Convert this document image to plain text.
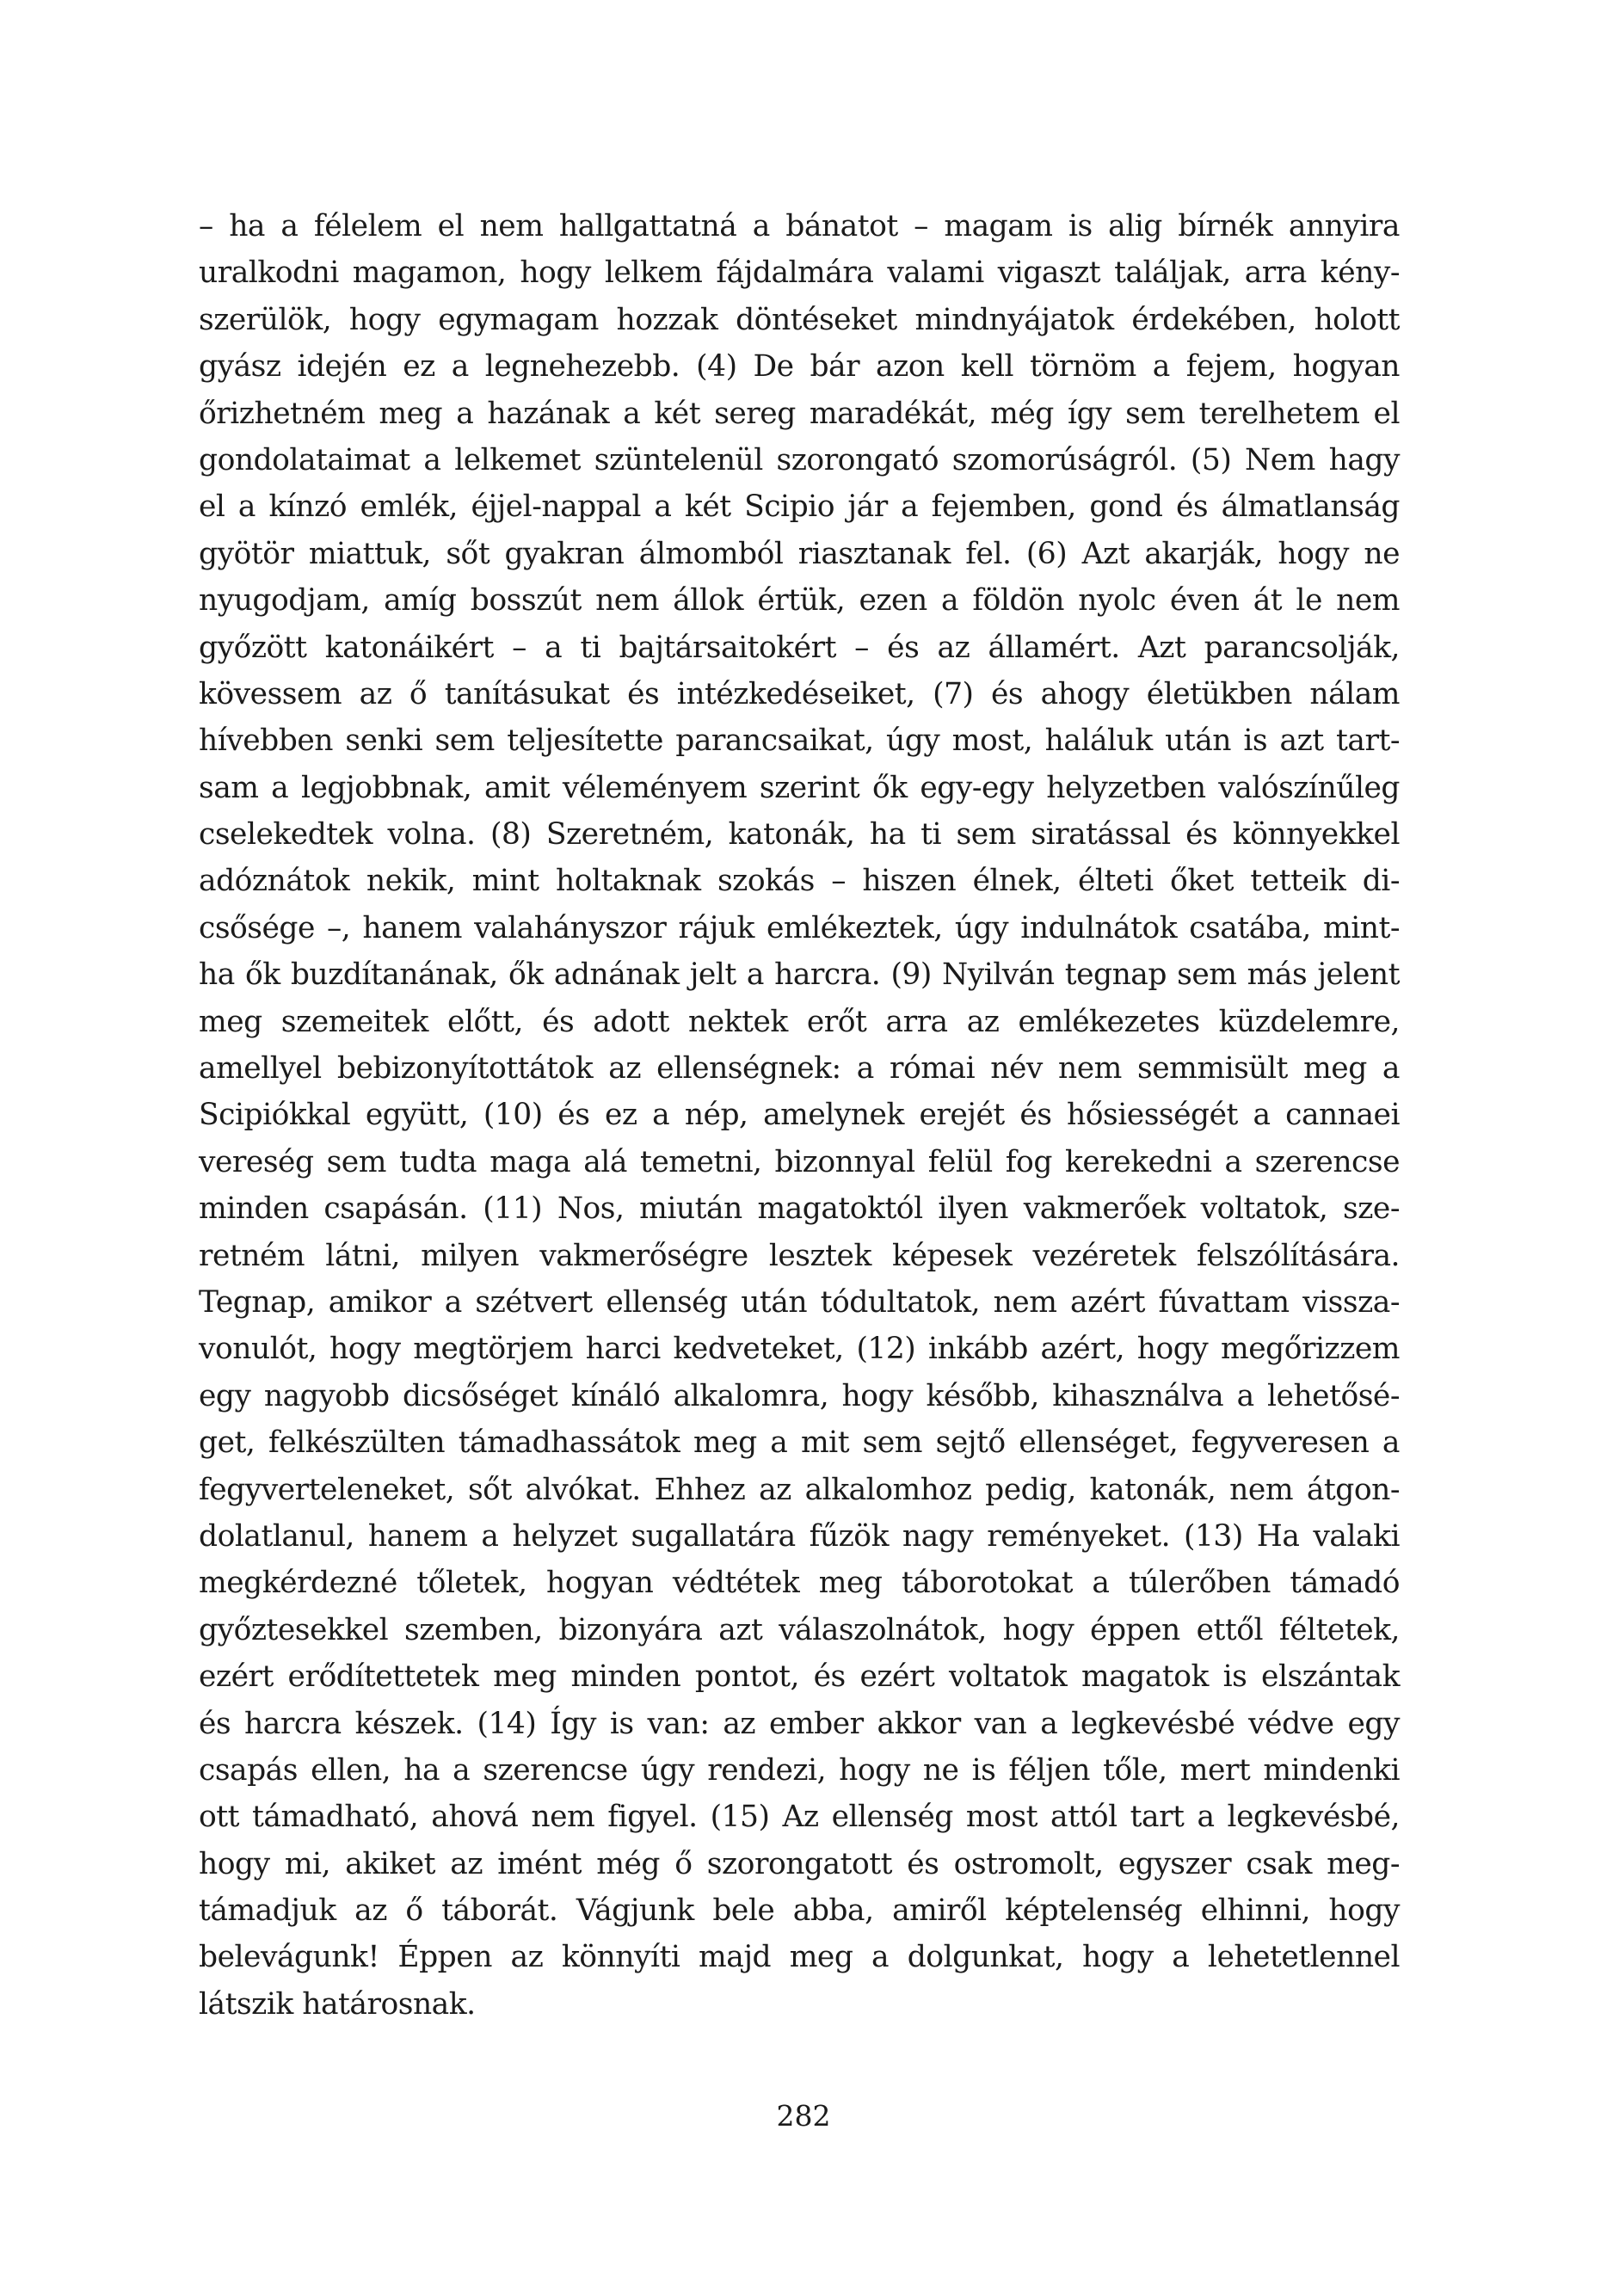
– ha a félelem el nem hallgattatná a bánatot – magam is alig bírnék annyira
uralkodni magamon, hogy lelkem fájdalmára valami vigaszt találjak, arra kény-
szerülök, hogy egymagam hozzak döntéseket mindnyájatok érdekében, holott
gyász idején ez a legnehezebb. (4) De bár azon kell törnöm a fejem, hogyan
őrizhetném meg a hazának a két sereg maradékát, még így sem terelhetem el
gondolataimat a lelkemet szüntelenül szorongató szomorúságról. (5) Nem hagy
el a kínzó emlék, éjjel-nappal a két Scipio jár a fejemben, gond és álmatlanság
gyötör miattuk, sőt gyakran álmomból riasztanak fel. (6) Azt akarják, hogy ne
nyugodjam, amíg bosszút nem állok értük, ezen a földön nyolc éven át le nem
győzött katonáikért – a ti bajtársaitokért – és az államért. Azt parancsolják,
kövessem az ő tanításukat és intézkedéseiket, (7) és ahogy életükben nálam
hívebben senki sem teljesítette parancsaikat, úgy most, haláluk után is azt tart-
sam a legjobbnak, amit véleményem szerint ők egy-egy helyzetben valószínűleg
cselekedtek volna. (8) Szeretném, katonák, ha ti sem siratással és könnyekkel
adóznátok nekik, mint holtaknak szokás – hiszen élnek, élteti őket tetteik di-
csősége –, hanem valahányszor rájuk emlékeztek, úgy indulnátok csatába, mint-
ha ők buzdítanának, ők adnának jelt a harcra. (9) Nyilván tegnap sem más jelent
meg szemeitek előtt, és adott nektek erőt arra az emlékezetes küzdelemre,
amellyel bebizonyítottátok az ellenségnek: a római név nem semmisült meg a
Scipiókkal együtt, (10) és ez a nép, amelynek erejét és hősiességét a cannaei
vereség sem tudta maga alá temetni, bizonnyal felül fog kerekedni a szerencse
minden csapásán. (11) Nos, miután magatoktól ilyen vakmerőek voltatok, sze-
retném látni, milyen vakmerőségre lesztek képesek vezéretek felszólítására.
Tegnap, amikor a szétvert ellenség után tódultatok, nem azért fúvattam vissza-
vonulót, hogy megtörjem harci kedveteket, (12) inkább azért, hogy megőrizzem
egy nagyobb dicsőséget kínáló alkalomra, hogy később, kihasználva a lehetősé-
get, felkészülten támadhassátok meg a mit sem sejtő ellenséget, fegyveresen a
fegyverteleneket, sőt alvókat. Ehhez az alkalomhoz pedig, katonák, nem átgon-
dolatlanul, hanem a helyzet sugallatára fűzök nagy reményeket. (13) Ha valaki
megkérdezné tőletek, hogyan védtétek meg táborotokat a túlerőben támadó
győztesekkel szemben, bizonyára azt válaszolnátok, hogy éppen ettől féltetek,
ezért erődítettetek meg minden pontot, és ezért voltatok magatok is elszántak
és harcra készek. (14) Így is van: az ember akkor van a legkevésbé védve egy
csapás ellen, ha a szerencse úgy rendezi, hogy ne is féljen tőle, mert mindenki
ott támadható, ahová nem figyel. (15) Az ellenség most attól tart a legkevésbé,
hogy mi, akiket az imént még ő szorongatott és ostromolt, egyszer csak meg-
támadjuk az ő táborát. Vágjunk bele abba, amiről képtelenség elhinni, hogy
belevágunk! Éppen az könnyíti majd meg a dolgunkat, hogy a lehetetlennel
látszik határosnak.
282
